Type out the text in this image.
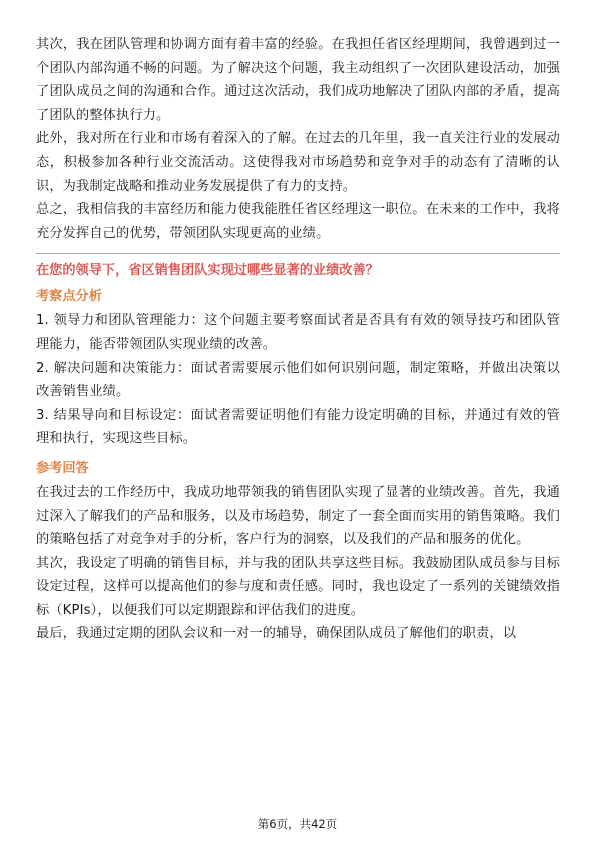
其次，我在团队管理和协调方面有着丰富的经验。在我担任省区经理期间，我曾遇到过一个团队内部沟通不畅的问题。为了解决这个问题，我主动组织了一次团队建设活动，加强了团队成员之间的沟通和合作。通过这次活动，我们成功地解决了团队内部的矛盾，提高了团队的整体执行力。

此外，我对所在行业和市场有着深入的了解。在过去的几年里，我一直关注行业的发展动态，积极参加各种行业交流活动。这使得我对市场趋势和竞争对手的动态有了清晰的认识，为我制定战略和推动业务发展提供了有力的支持。

总之，我相信我的丰富经历和能力使我能胜任省区经理这一职位。在未来的工作中，我将充分发挥自己的优势，带领团队实现更高的业绩。

在您的领导下，省区销售团队实现过哪些显著的业绩改善？
考察点分析

1. 领导力和团队管理能力：这个问题主要考察面试者是否具有有效的领导技巧和团队管理能力，能否带领团队实现业绩的改善。

2. 解决问题和决策能力：面试者需要展示他们如何识别问题，制定策略，并做出决策以改善销售业绩。

3. 结果导向和目标设定：面试者需要证明他们有能力设定明确的目标，并通过有效的管理和执行，实现这些目标。

参考回答

在我过去的工作经历中，我成功地带领我的销售团队实现了显著的业绩改善。首先，我通过深入了解我们的产品和服务，以及市场趋势，制定了一套全面而实用的销售策略。我们的策略包括了对竞争对手的分析，客户行为的洞察，以及我们的产品和服务的优化。

其次，我设定了明确的销售目标，并与我的团队共享这些目标。我鼓励团队成员参与目标设定过程，这样可以提高他们的参与度和责任感。同时，我也设定了一系列的关键绩效指标（KPIs），以便我们可以定期跟踪和评估我们的进度。

最后，我通过定期的团队会议和一对一的辅导，确保团队成员了解他们的职责，以

第6页，共42页
